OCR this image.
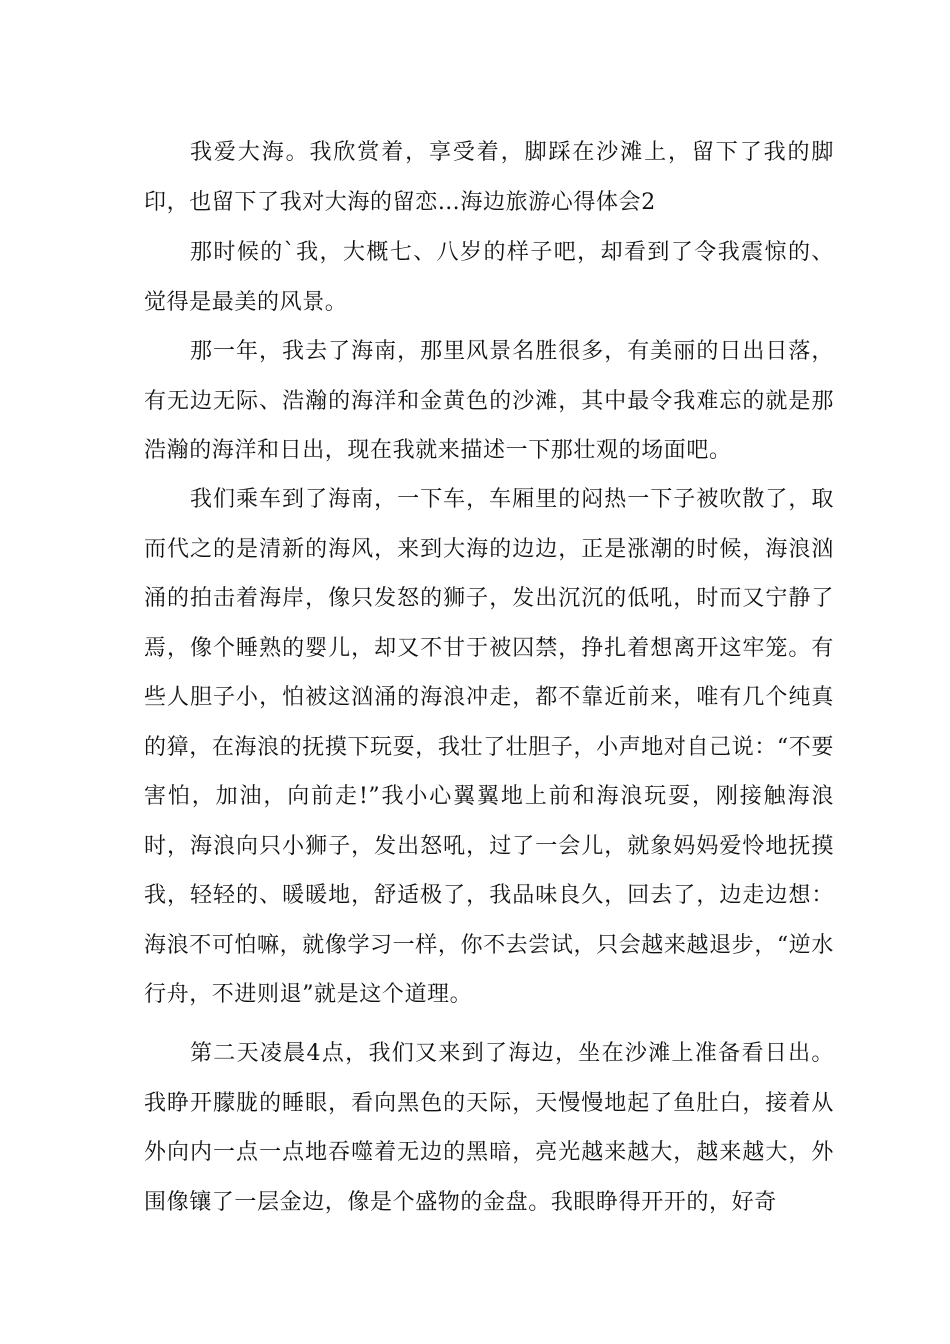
我爱大海。我欣赏着，享受着，脚踩在沙滩上，留下了我的脚印，也留下了我对大海的留恋…海边旅游心得体会2

那时候的`我，大概七、八岁的样子吧，却看到了令我震惊的、觉得是最美的风景。

那一年，我去了海南，那里风景名胜很多，有美丽的日出日落，有无边无际、浩瀚的海洋和金黄色的沙滩，其中最令我难忘的就是那浩瀚的海洋和日出，现在我就来描述一下那壮观的场面吧。

我们乘车到了海南，一下车，车厢里的闷热一下子被吹散了，取而代之的是清新的海风，来到大海的边边，正是涨潮的时候，海浪汹涌的拍击着海岸，像只发怒的狮子，发出沉沉的低吼，时而又宁静了焉，像个睡熟的婴儿，却又不甘于被囚禁，挣扎着想离开这牢笼。有些人胆子小，怕被这汹涌的海浪冲走，都不靠近前来，唯有几个纯真的獐，在海浪的抚摸下玩耍，我壮了壮胆子，小声地对自己说：“不要害怕，加油，向前走!”我小心翼翼地上前和海浪玩耍，刚接触海浪时，海浪向只小狮子，发出怒吼，过了一会儿，就象妈妈爱怜地抚摸我，轻轻的、暖暖地，舒适极了，我品味良久，回去了，边走边想：海浪不可怕嘛，就像学习一样，你不去尝试，只会越来越退步，“逆水行舟，不进则退”就是这个道理。

第二天凌晨4点，我们又来到了海边，坐在沙滩上准备看日出。我睁开朦胧的睡眼，看向黑色的天际，天慢慢地起了鱼肚白，接着从外向内一点一点地吞噬着无边的黑暗，亮光越来越大，越来越大，外围像镶了一层金边，像是个盛物的金盘。我眼睁得开开的，好奇
